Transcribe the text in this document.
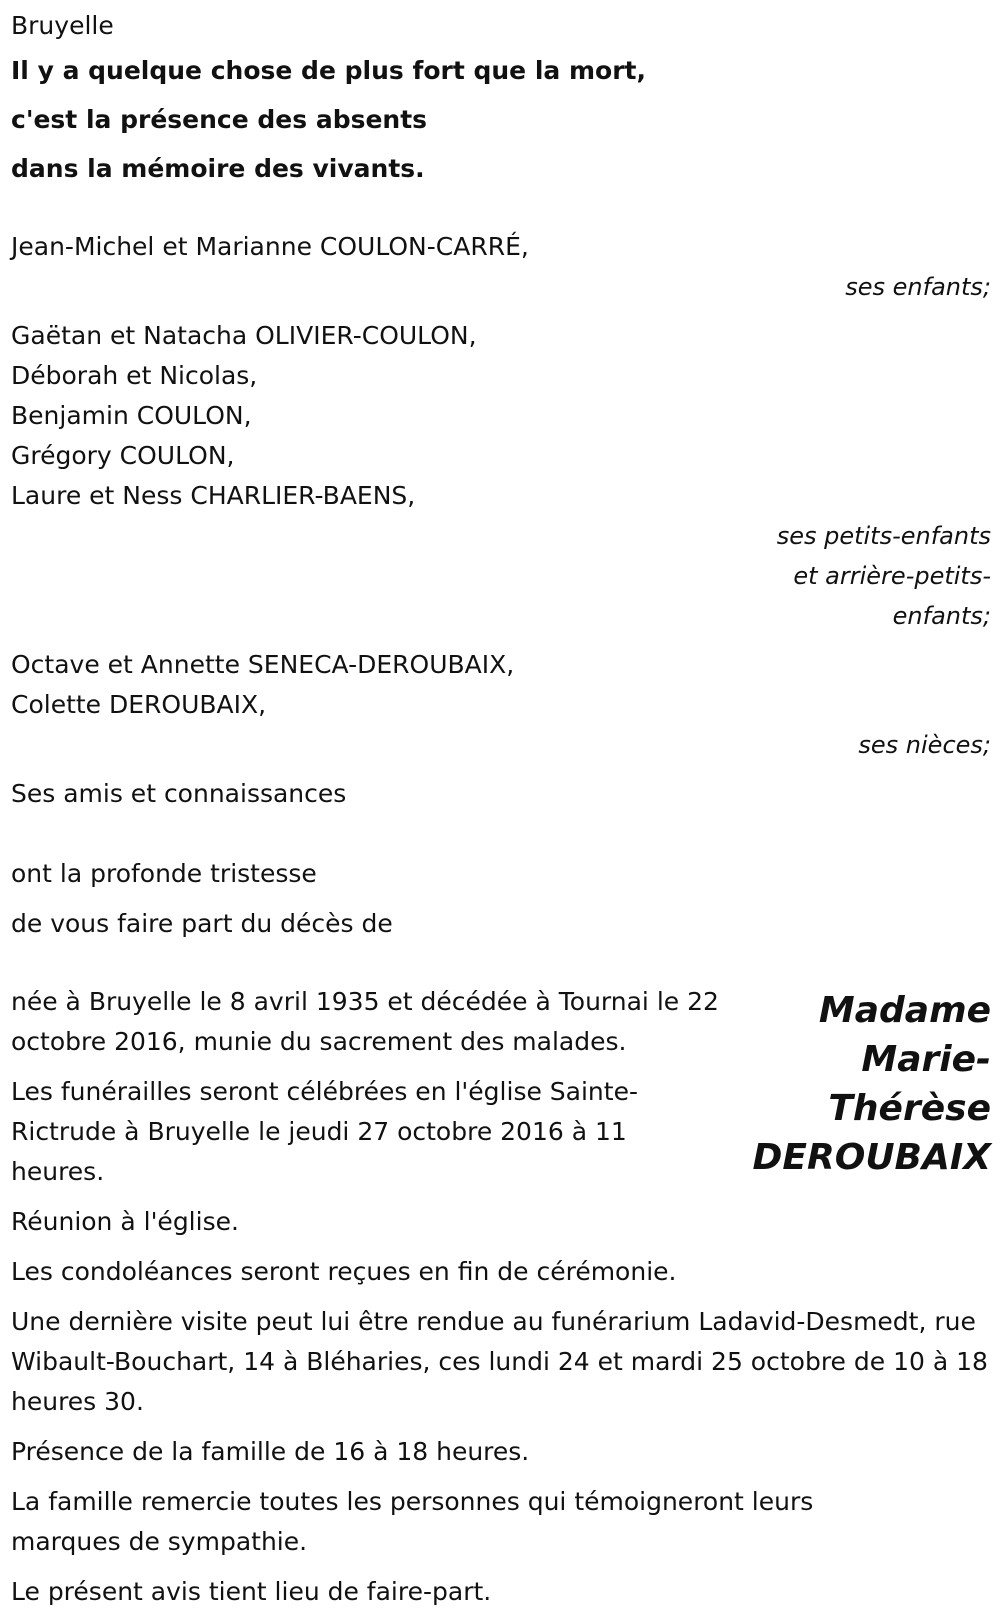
Bruyelle

Il y a quelque chose de plus fort que la mort,

c'est la présence des absents

dans la mémoire des vivants.

Jean-Michel et Marianne COULON-CARRÉ,

ses enfants;

Gaëtan et Natacha OLIVIER-COULON,

Déborah et Nicolas,

Benjamin COULON,

Grégory COULON,

Laure et Ness CHARLIER-BAENS,

ses petits-enfants

et arrière-petits-

enfants;

Octave et Annette SENECA-DEROUBAIX,

Colette DEROUBAIX,

ses nièces;

Ses amis et connaissances

ont la profonde tristesse

de vous faire part du décès de

Madame
Marie-
Thérèse
DEROUBAIX

née à Bruyelle le 8 avril 1935 et décédée à Tournai le 22 octobre 2016, munie du sacrement des malades.

Les funérailles seront célébrées en l'église Sainte-Rictrude à Bruyelle le jeudi 27 octobre 2016 à 11 heures.

Réunion à l'église.

Les condoléances seront reçues en fin de cérémonie.

Une dernière visite peut lui être rendue au funérarium Ladavid-Desmedt, rue Wibault-Bouchart, 14 à Bléharies, ces lundi 24 et mardi 25 octobre de 10 à 18 heures 30.

Présence de la famille de 16 à 18 heures.

La famille remercie toutes les personnes qui témoigneront leurs marques de sympathie.

Le présent avis tient lieu de faire-part.
